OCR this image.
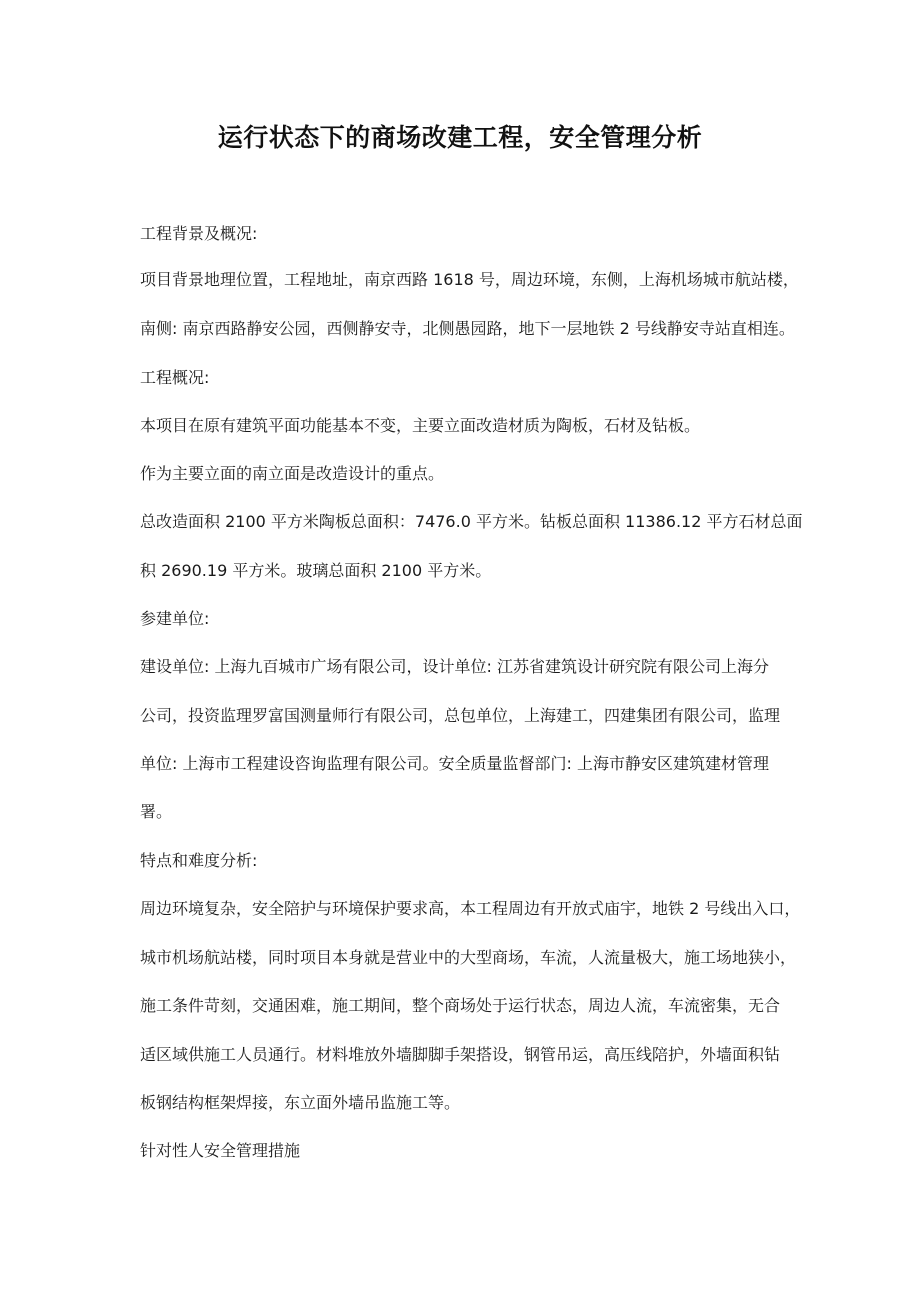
运行状态下的商场改建工程，安全管理分析
工程背景及概况:
项目背景地理位置，工程地址，南京西路 1618 号，周边环境，东侧，上海机场城市航站楼，
南侧: 南京西路静安公园，西侧静安寺，北侧愚园路，地下一层地铁 2 号线静安寺站直相连。
工程概况:
本项目在原有建筑平面功能基本不变，主要立面改造材质为陶板，石材及钻板。
作为主要立面的南立面是改造设计的重点。
总改造面积 2100 平方米陶板总面积：7476.0 平方米。钻板总面积 11386.12 平方石材总面
积 2690.19 平方米。玻璃总面积 2100 平方米。
参建单位:
建设单位: 上海九百城市广场有限公司，设计单位: 江苏省建筑设计研究院有限公司上海分
公司，投资监理罗富国测量师行有限公司，总包单位，上海建工，四建集团有限公司，监理
单位: 上海市工程建设咨询监理有限公司。安全质量监督部门: 上海市静安区建筑建材管理
署。
特点和难度分析:
周边环境复杂，安全陪护与环境保护要求高，本工程周边有开放式庙宇，地铁 2 号线出入口，
城市机场航站楼，同时项目本身就是营业中的大型商场，车流，人流量极大，施工场地狭小，
施工条件苛刻，交通困难，施工期间，整个商场处于运行状态，周边人流，车流密集，无合
适区域供施工人员通行。材料堆放外墙脚脚手架搭设，钢管吊运，高压线陪护，外墙面积钻
板钢结构框架焊接，东立面外墙吊监施工等。
针对性人安全管理措施
